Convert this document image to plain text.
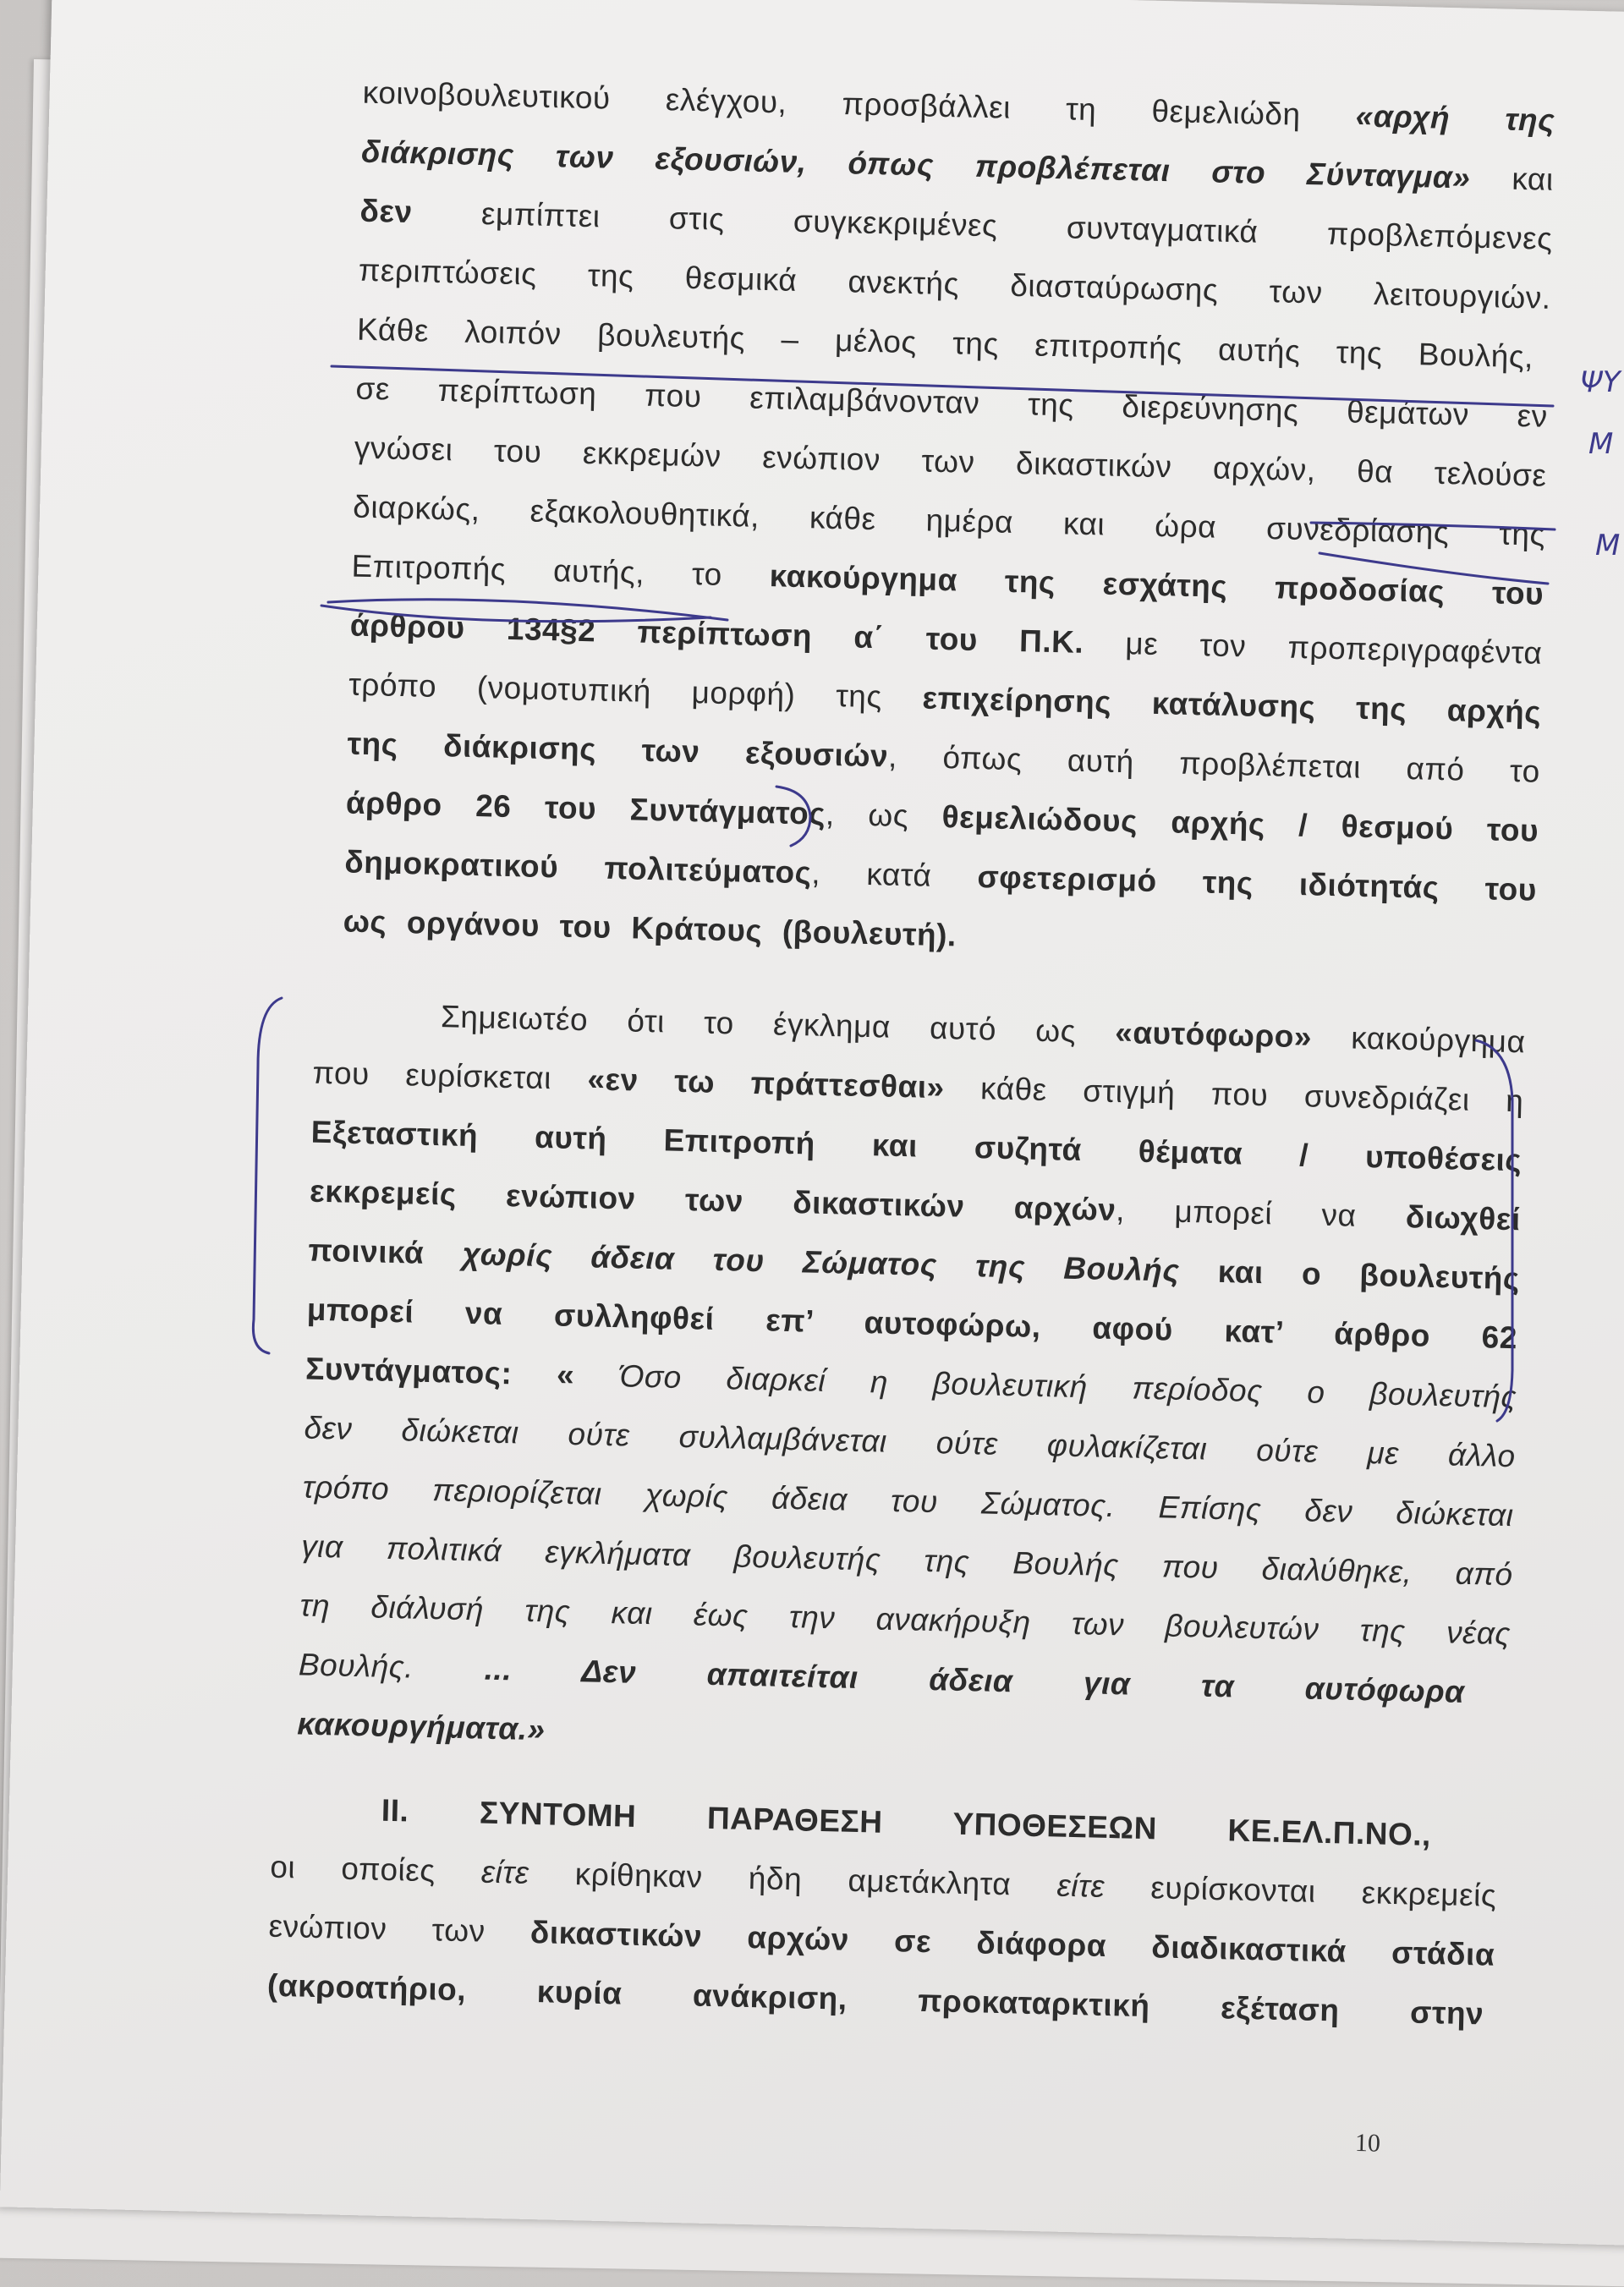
κοινοβουλευτικού ελέγχου, προσβάλλει τη θεμελιώδη «αρχή της

διάκρισης των εξουσιών, όπως προβλέπεται στο Σύνταγμα» και

δεν εμπίπτει στις συγκεκριμένες συνταγματικά προβλεπόμενες

περιπτώσεις της θεσμικά ανεκτής διασταύρωσης των λειτουργιών.

Κάθε λοιπόν βουλευτής – μέλος της επιτροπής αυτής της Βουλής,

σε περίπτωση που επιλαμβάνονταν της διερεύνησης θεμάτων εν

γνώσει του εκκρεμών ενώπιον των δικαστικών αρχών, θα τελούσε

διαρκώς, εξακολουθητικά, κάθε ημέρα και ώρα συνεδρίασης της

Επιτροπής αυτής, το κακούργημα της εσχάτης προδοσίας του

άρθρου 134§2 περίπτωση α΄ του Π.Κ. με τον προπεριγραφέντα

τρόπο (νομοτυπική μορφή) της επιχείρησης κατάλυσης της αρχής

της διάκρισης των εξουσιών, όπως αυτή προβλέπεται από το

άρθρο 26 του Συντάγματος, ως θεμελιώδους αρχής / θεσμού του

δημοκρατικού πολιτεύματος, κατά σφετερισμό της ιδιότητάς του

ως οργάνου του Κράτους (βουλευτή).

Σημειωτέο ότι το έγκλημα αυτό ως «αυτόφωρο» κακούργημα

που ευρίσκεται «εν τω πράττεσθαι» κάθε στιγμή που συνεδριάζει η

Εξεταστική αυτή Επιτροπή και συζητά θέματα / υποθέσεις

εκκρεμείς ενώπιον των δικαστικών αρχών, μπορεί να διωχθεί

ποινικά χωρίς άδεια του Σώματος της Βουλής και ο βουλευτής

μπορεί να συλληφθεί επ’ αυτοφώρω, αφού κατ’ άρθρο 62

Συντάγματος: « Όσο διαρκεί η βουλευτική περίοδος ο βουλευτής

δεν διώκεται ούτε συλλαμβάνεται ούτε φυλακίζεται ούτε με άλλο

τρόπο περιορίζεται χωρίς άδεια του Σώματος. Επίσης δεν διώκεται

για πολιτικά εγκλήματα βουλευτής της Βουλής που διαλύθηκε, από

τη διάλυσή της και έως την ανακήρυξη των βουλευτών της νέας

Βουλής. ... Δεν απαιτείται άδεια για τα αυτόφωρα

κακουργήματα.»

ΙΙ. ΣΥΝΤΟΜΗ ΠΑΡΑΘΕΣΗ ΥΠΟΘΕΣΕΩΝ ΚΕ.ΕΛ.Π.ΝΟ.,

οι οποίες είτε κρίθηκαν ήδη αμετάκλητα είτε ευρίσκονται εκκρεμείς

ενώπιον των δικαστικών αρχών σε διάφορα διαδικαστικά στάδια

(ακροατήριο, κυρία ανάκριση, προκαταρκτική εξέταση στην

10
ΨΥ
M
M
